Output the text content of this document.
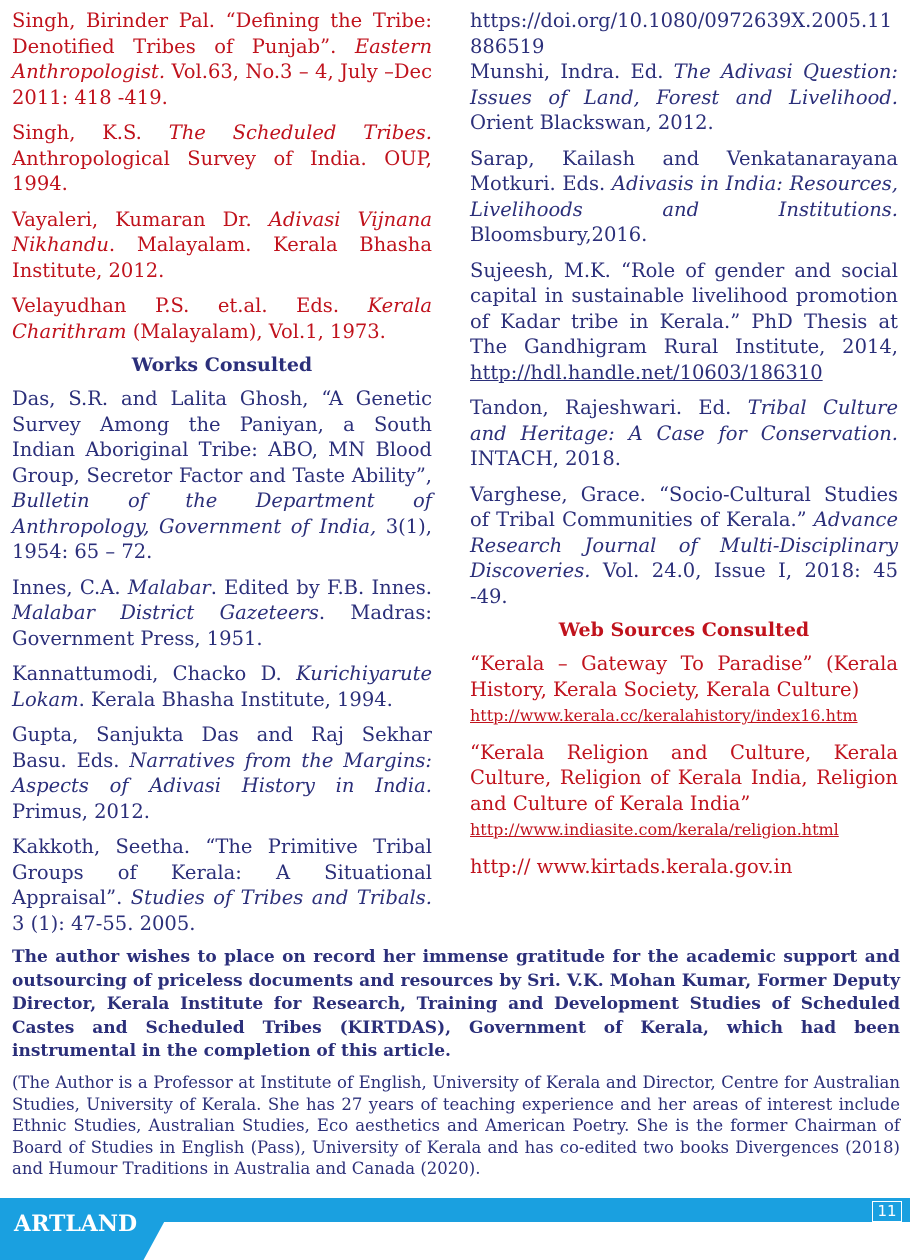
Singh, Birinder Pal. “Defining the Tribe: Denotified Tribes of Punjab”. Eastern Anthropologist. Vol.63, No.3 – 4, July –Dec 2011: 418 -419.

Singh, K.S. The Scheduled Tribes. Anthropological Survey of India. OUP, 1994.

Vayaleri, Kumaran Dr. Adivasi Vijnana Nikhandu. Malayalam. Kerala Bhasha Institute, 2012.

Velayudhan P.S. et.al. Eds. Kerala Charithram (Malayalam), Vol.1, 1973.

Works Consulted

Das, S.R. and Lalita Ghosh, “A Genetic Survey Among the Paniyan, a South Indian Aboriginal Tribe: ABO, MN Blood Group, Secretor Factor and Taste Ability”, Bulletin of the Department of Anthropology, Government of India, 3(1), 1954: 65 – 72.

Innes, C.A. Malabar. Edited by F.B. Innes. Malabar District Gazeteers. Madras: Government Press, 1951.

Kannattumodi, Chacko D. Kurichiyarute Lokam. Kerala Bhasha Institute, 1994.

Gupta, Sanjukta Das and Raj Sekhar Basu. Eds. Narratives from the Margins: Aspects of Adivasi History in India. Primus, 2012.

Kakkoth, Seetha. “The Primitive Tribal Groups of Kerala: A Situational Appraisal”. Studies of Tribes and Tribals. 3 (1): 47-55. 2005.

https://doi.org/10.1080/0972639X.2005.11886519

Munshi, Indra. Ed. The Adivasi Question: Issues of Land, Forest and Livelihood. Orient Blackswan, 2012.

Sarap, Kailash and Venkatanarayana Motkuri. Eds. Adivasis in India: Resources, Livelihoods and Institutions. Bloomsbury,2016.

Sujeesh, M.K. “Role of gender and social capital in sustainable livelihood promotion of Kadar tribe in Kerala.” PhD Thesis at The Gandhigram Rural Institute, 2014, http://hdl.handle.net/10603/186310

Tandon, Rajeshwari. Ed. Tribal Culture and Heritage: A Case for Conservation. INTACH, 2018.

Varghese, Grace. “Socio-Cultural Studies of Tribal Communities of Kerala.” Advance Research Journal of Multi-Disciplinary Discoveries. Vol. 24.0, Issue I, 2018: 45 -49.

Web Sources Consulted

“Kerala – Gateway To Paradise” (Kerala History, Kerala Society, Kerala Culture)
http://www.kerala.cc/keralahistory/index16.htm

“Kerala Religion and Culture, Kerala Culture, Religion of Kerala India, Religion and Culture of Kerala India”
http://www.indiasite.com/kerala/religion.html

http:// www.kirtads.kerala.gov.in

The author wishes to place on record her immense gratitude for the academic support and outsourcing of priceless documents and resources by Sri. V.K. Mohan Kumar, Former Deputy Director, Kerala Institute for Research, Training and Development Studies of Scheduled Castes and Scheduled Tribes (KIRTDAS), Government of Kerala, which had been instrumental in the completion of this article.
(The Author is a Professor at Institute of English, University of Kerala and Director, Centre for Australian Studies, University of Kerala. She has 27 years of teaching experience and her areas of interest include Ethnic Studies, Australian Studies, Eco aesthetics and American Poetry. She is the former Chairman of Board of Studies in English (Pass), University of Kerala and has co-edited two books Divergences (2018) and Humour Traditions in Australia and Canada (2020).
ARTLAND	11
